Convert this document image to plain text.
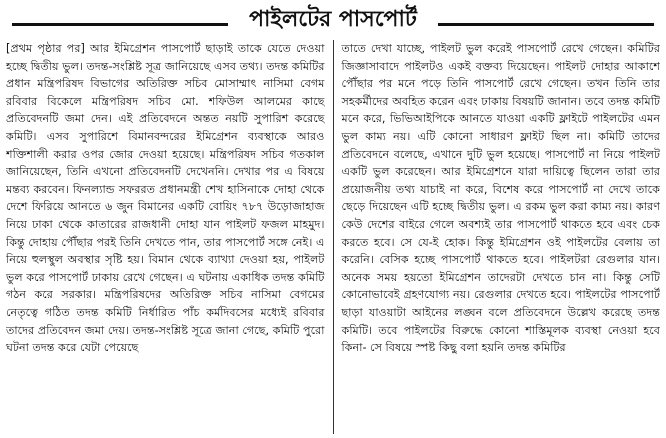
পাইলটের পাসপোর্ট

[প্রথম পৃষ্ঠার পর] আর ইমিগ্রেশন পাসপোর্ট ছাড়াই তাকে যেতে দেওয়া হচ্ছে দ্বিতীয় ভুল। তদন্ত-সংশ্লিষ্ট সূত্র জানিয়েছে এসব তথ্য। তদন্ত কমিটির প্রধান মন্ত্রিপরিষদ বিভাগের অতিরিক্ত সচিব মোসাম্মাৎ নাসিমা বেগম রবিবার বিকেলে মন্ত্রিপরিষদ সচিব মো. শফিউল আলমের কাছে প্রতিবেদনটি জমা দেন। এই প্রতিবেদনে অন্তত নয়টি সুপারিশ করেছে কমিটি। এসব সুপারিশে বিমানবন্দরের ইমিগ্রেশন ব্যবস্থাকে আরও শক্তিশালী করার ওপর জোর দেওয়া হয়েছে। মন্ত্রিপরিষদ সচিব গতকাল জানিয়েছেন, তিনি এখনো প্রতিবেদনটি দেখেননি। দেখার পর এ বিষয়ে মন্তব্য করবেন। ফিনল্যান্ড সফররত প্রধানমন্ত্রী শেখ হাসিনাকে দোহা থেকে দেশে ফিরিয়ে আনতে ৬ জুন বিমানের একটি বোয়িং ৭৮৭ উড়োজাহাজ নিয়ে ঢাকা থেকে কাতারের রাজধানী দোহা যান পাইলট ফজল মাহমুদ। কিন্তু দোহায় পৌঁছার পরই তিনি দেখতে পান, তার পাসপোর্ট সঙ্গে নেই। এ নিয়ে হুলস্থুল অবস্থার সৃষ্টি হয়। বিমান থেকে ব্যাখ্যা দেওয়া হয়, পাইলট ভুল করে পাসপোর্ট ঢাকায় রেখে গেছেন। এ ঘটনায় একাধিক তদন্ত কমিটি গঠন করে সরকার। মন্ত্রিপরিষদের অতিরিক্ত সচিব নাসিমা বেগমের নেতৃত্বে গঠিত তদন্ত কমিটি নির্ধারিত পাঁচ কর্মদিবসের মধ্যেই রবিবার তাদের প্রতিবেদন জমা দেয়। তদন্ত-সংশ্লিষ্ট সূত্রে জানা গেছে, কমিটি পুরো ঘটনা তদন্ত করে যেটা পেয়েছে

তাতে দেখা যাচ্ছে, পাইলট ভুল করেই পাসপোর্ট রেখে গেছেন। কমিটির জিজ্ঞাসাবাদে পাইলটও একই বক্তব্য দিয়েছেন। পাইলট দোহার আকাশে পৌঁছার পর মনে পড়ে তিনি পাসপোর্ট রেখে গেছেন। তখন তিনি তার সহকর্মীদের অবহিত করেন এবং ঢাকায় বিষয়টি জানান। তবে তদন্ত কমিটি মনে করে, ভিভিআইপিকে আনতে যাওয়া একটি ফ্লাইটে পাইলটের এমন ভুল কাম্য নয়। এটি কোনো সাধারণ ফ্লাইট ছিল না। কমিটি তাদের প্রতিবেদনে বলেছে, এখানে দুটি ভুল হয়েছে। পাসপোর্ট না নিয়ে পাইলট একটি ভুল করেছেন। আর ইমিগ্রেশনে যারা দায়িত্বে ছিলেন তারা তার প্রয়োজনীয় তথ্য যাচাই না করে, বিশেষ করে পাসপোর্ট না দেখে তাকে ছেড়ে দিয়েছেন এটি হচ্ছে দ্বিতীয় ভুল। এ রকম ভুল করা কাম্য নয়। কারণ কেউ দেশের বাইরে গেলে অবশ্যই তার পাসপোর্ট থাকতে হবে এবং চেক করতে হবে। সে যে-ই হোক। কিন্তু ইমিগ্রেশন ওই পাইলটের বেলায় তা করেনি। বেসিক হচ্ছে পাসপোর্ট থাকতে হবে। পাইলটরা রেগুলার যান। অনেক সময় হয়তো ইমিগ্রেশন তাদেরটা দেখতে চান না। কিন্তু সেটি কোনোভাবেই গ্রহণযোগ্য নয়। রেগুলার দেখতে হবে। পাইলটের পাসপোর্ট ছাড়া যাওয়াটা আইনের লঙ্ঘন বলে প্রতিবেদনে উল্লেখ করেছে তদন্ত কমিটি। তবে পাইলটের বিরুদ্ধে কোনো শাস্তিমূলক ব্যবস্থা নেওয়া হবে কিনা- সে বিষয়ে স্পষ্ট কিছু বলা হয়নি তদন্ত কমিটির
